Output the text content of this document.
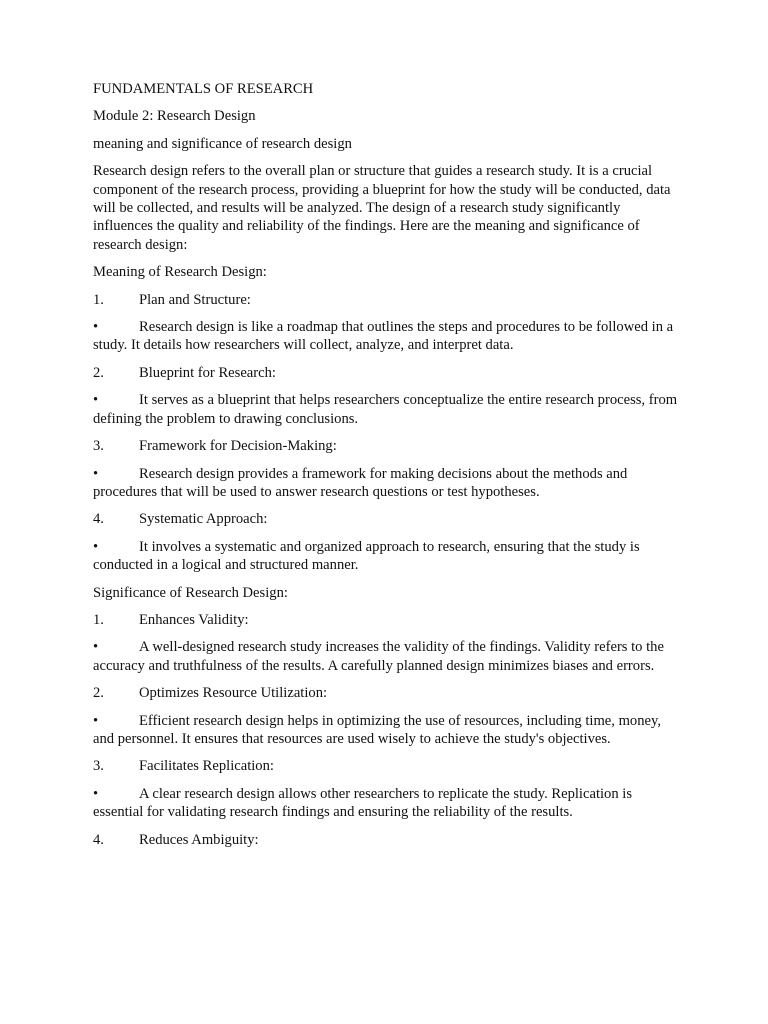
FUNDAMENTALS OF RESEARCH

Module 2: Research Design

meaning and significance of research design

Research design refers to the overall plan or structure that guides a research study. It is a crucial component of the research process, providing a blueprint for how the study will be conducted, data will be collected, and results will be analyzed. The design of a research study significantly influences the quality and reliability of the findings. Here are the meaning and significance of research design:

Meaning of Research Design:

1.	Plan and Structure:

•	Research design is like a roadmap that outlines the steps and procedures to be followed in a study. It details how researchers will collect, analyze, and interpret data.

2.	Blueprint for Research:

•	It serves as a blueprint that helps researchers conceptualize the entire research process, from defining the problem to drawing conclusions.

3.	Framework for Decision-Making:

•	Research design provides a framework for making decisions about the methods and procedures that will be used to answer research questions or test hypotheses.

4.	Systematic Approach:

•	It involves a systematic and organized approach to research, ensuring that the study is conducted in a logical and structured manner.

Significance of Research Design:

1.	Enhances Validity:

•	A well-designed research study increases the validity of the findings. Validity refers to the accuracy and truthfulness of the results. A carefully planned design minimizes biases and errors.

2.	Optimizes Resource Utilization:

•	Efficient research design helps in optimizing the use of resources, including time, money, and personnel. It ensures that resources are used wisely to achieve the study's objectives.

3.	Facilitates Replication:

•	A clear research design allows other researchers to replicate the study. Replication is essential for validating research findings and ensuring the reliability of the results.

4.	Reduces Ambiguity:
